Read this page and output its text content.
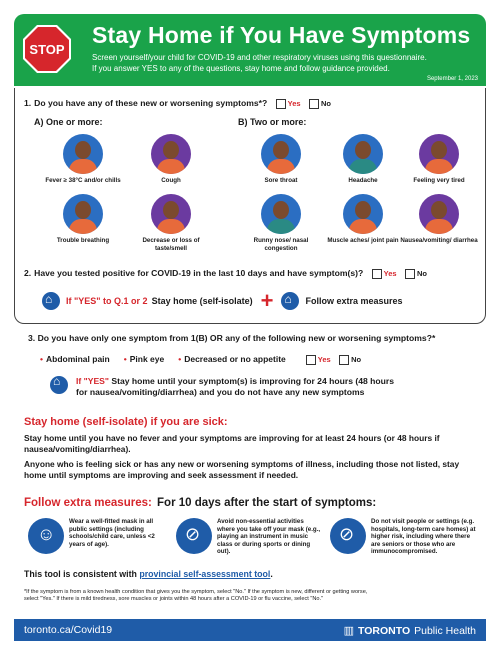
STOP
Stay Home if You Have Symptoms
Screen yourself/your child for COVID-19 and other respiratory viruses using this questionnaire.
If you answer YES to any of the questions, stay home and follow guidance provided.
September 1, 2023
1. Do you have any of these new or worsening symptoms*?	Yes	No
A) One or more:	B) Two or more:
Fever ≥ 38°C and/or chills	Cough
Trouble breathing	Decrease or loss of taste/smell
Sore throat	Headache	Feeling very tired
Runny nose/ nasal congestion
Muscle aches/ joint pain Nausea/vomiting/ diarrhea
2. Have you tested positive for COVID-19 in the last 10 days and have symptom(s)?	Yes	No
⌂
If "YES" to Q.1 or 2 Stay home (self-isolate) +
⌂	Follow extra measures
3. Do you have only one symptom from 1(B) OR any of the following new or worsening symptoms?*
• Abdominal pain • Pink eye • Decreased or no appetite	Yes	No
⌂
If "YES" Stay home until your symptom(s) is improving for 24 hours (48 hours
for nausea/vomiting/diarrhea) and you do not have any new symptoms
Stay home (self-isolate) if you are sick:
Stay home until you have no fever and your symptoms are improving for at least 24 hours (or 48 hours if nausea/vomiting/diarrhea).
Anyone who is feeling sick or has any new or worsening symptoms of illness, including those not listed, stay home until symptoms are improving and seek assessment if needed.
Follow extra measures: For 10 days after the start of symptoms:
☺
Wear a well-fitted mask in all public settings (including schools/child care, unless <2 years of age).
⊘
Avoid non-essential activities where you take off your mask (e.g., playing an instrument in music class or during sports or dining out).
⊘
Do not visit people or settings (e.g. hospitals, long-term care homes) at higher risk, including where there are seniors or those who are immunocompromised.
This tool is consistent with provincial self-assessment tool.
*If the symptom is from a known health condition that gives you the symptom, select "No." If the symptom is new, different or getting worse,
select "Yes." If there is mild tiredness, sore muscles or joints within 48 hours after a COVID-19 or flu vaccine, select "No."
toronto.ca/Covid19	▥ TORONTO Public Health
